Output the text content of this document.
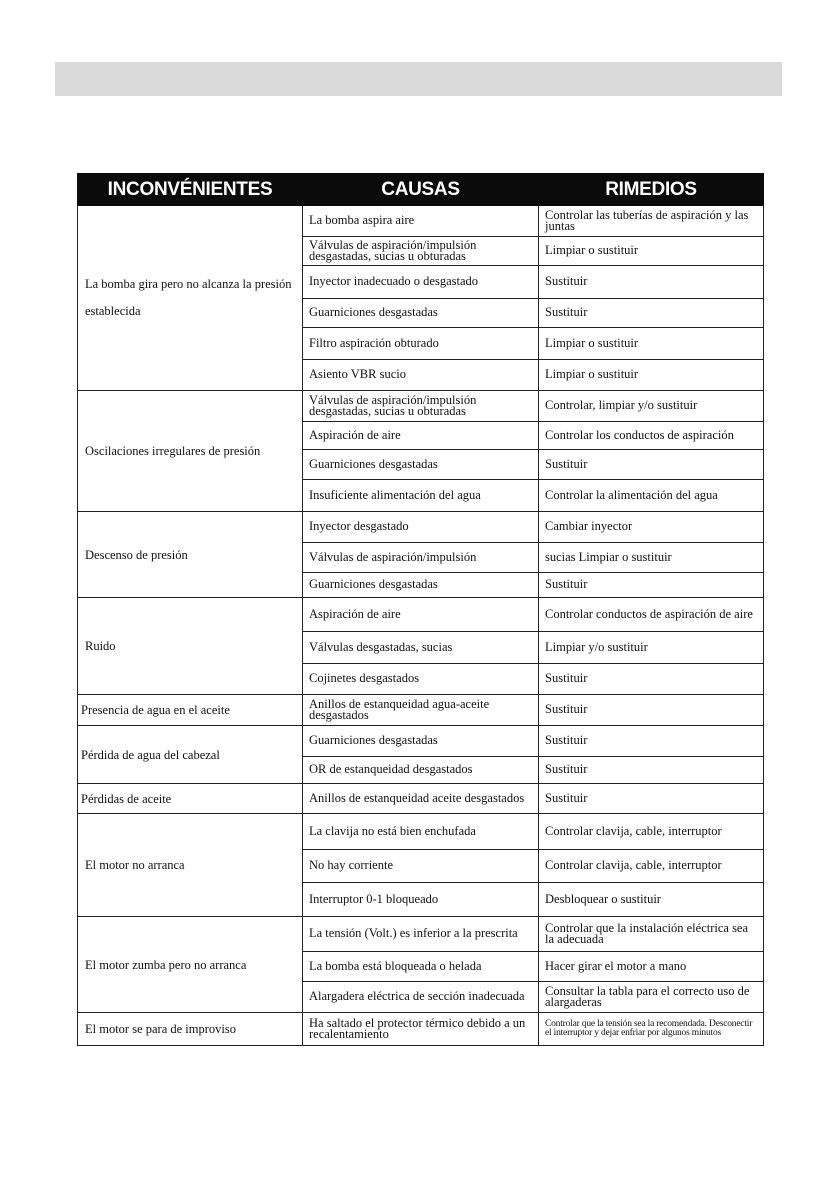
INCONVÉNIENTES	CAUSAS	RIMEDIOS
La bomba gira pero no alcanza la presión establecida	La bomba aspira aire	Controlar las tuberías de aspiración y las juntas
	Válvulas de aspiración/impulsión desgastadas, sucias u obturadas	Limpiar o sustituir
	Inyector inadecuado o desgastado	Sustituir
	Guarniciones desgastadas	Sustituir
	Filtro aspiración obturado	Limpiar o sustituir
	Asiento VBR sucio	Limpiar o sustituir
Oscilaciones irregulares de presión	Válvulas de aspiración/impulsión desgastadas, sucias u obturadas	Controlar, limpiar y/o sustituir
	Aspiración de aire	Controlar los conductos de aspiración
	Guarniciones desgastadas	Sustituir
	Insuficiente alimentación del agua	Controlar la alimentación del agua
Descenso de presión	Inyector desgastado	Cambiar inyector
	Válvulas de aspiración/impulsión	sucias Limpiar o sustituir
	Guarniciones desgastadas	Sustituir
Ruido	Aspiración de aire	Controlar conductos de aspiración de aire
	Válvulas desgastadas, sucias	Limpiar y/o sustituir
	Cojinetes desgastados	Sustituir
Presencia de agua en el aceite	Anillos de estanqueidad agua-aceite desgastados	Sustituir
Pérdida de agua del cabezal	Guarniciones desgastadas	Sustituir
	OR de estanqueidad desgastados	Sustituir
Pérdidas de aceite	Anillos de estanqueidad aceite desgastados	Sustituir
El motor no arranca	La clavija no está bien enchufada	Controlar clavija, cable, interruptor
	No hay corriente	Controlar clavija, cable, interruptor
	Interruptor 0-1 bloqueado	Desbloquear o sustituir
El motor zumba pero no arranca	La tensión (Volt.) es inferior a la prescrita	Controlar que la instalación eléctrica sea la adecuada
	La bomba está bloqueada o helada	Hacer girar el motor a mano
	Alargadera eléctrica de sección inadecuada	Consultar la tabla para el correcto uso de alargaderas
El motor se para de improviso	Ha saltado el protector térmico debido a un recalentamiento	Controlar que la tensión sea la recomendada. Desconectir el interruptor y dejar enfriar por algunos minutos
